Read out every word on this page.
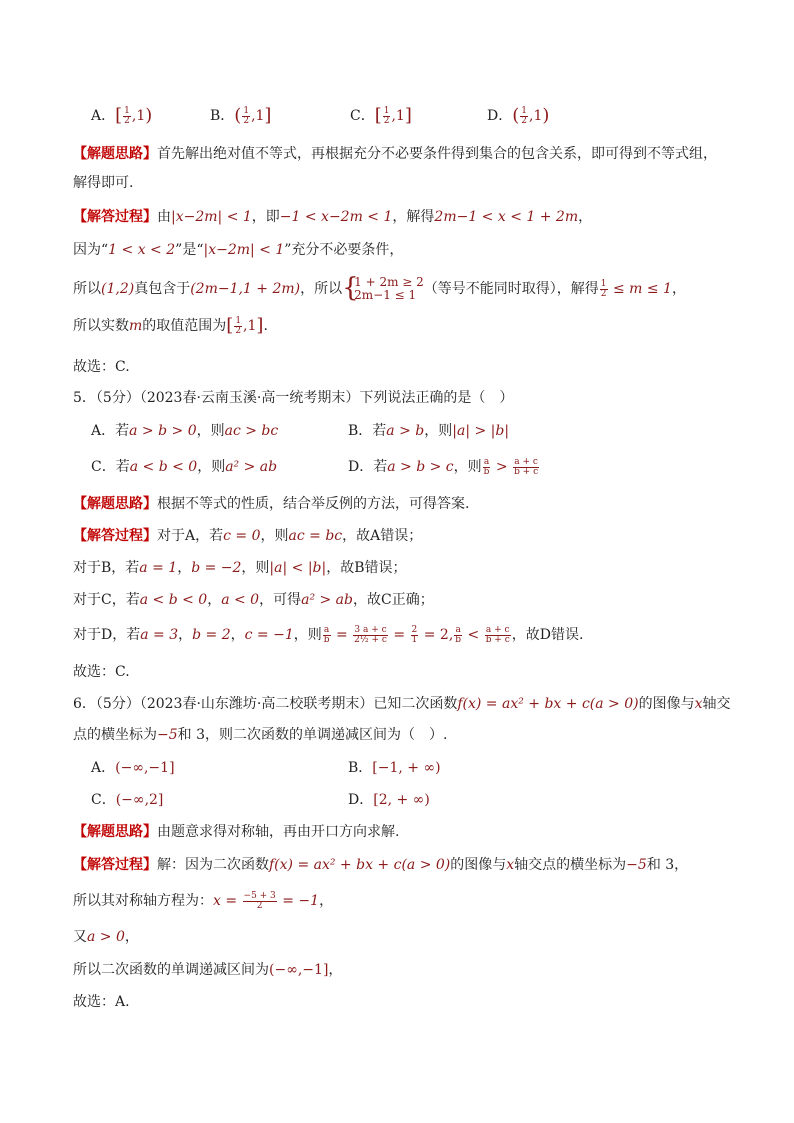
A．[ $\frac{1}{2} ,1$)	B．( $\frac{1}{2} ,1$]	C．[ $\frac{1}{2} ,1$]	D．( $\frac{1}{2} ,1$)
【解题思路】首先解出绝对值不等式，再根据充分不必要条件得到集合的包含关系，即可得到不等式组，
解得即可.
【解答过程】由|x−2m| < 1，即−1 < x−2m < 1，解得2m−1 < x < 1 + 2m，
因为“1 < x < 2”是“|x−2m| < 1”充分不必要条件，
所以(1,2)真包含于(2m−1,1 + 2m)，所以 {
1 + 2m ≥ 2
2m−1 ≤ 1 （等号不能同时取得），解得 $\frac{1}{2} \le m \le 1$，
所以实数m的取值范围为[ $\frac{1}{2} ,1$].
故选：C.
5．（5分）（2023春·云南玉溪·高一统考期末）下列说法正确的是（　）
A．若a > b > 0，则ac > bc	B．若a > b，则|a| > |b|
C．若a < b < 0，则a² > ab	D．若a > b > c，则 $\frac{a}{b} > \frac{a + c}{b + c}$
【解题思路】根据不等式的性质，结合举反例的方法，可得答案.
【解答过程】对于A，若c = 0，则ac = bc，故A错误；
对于B，若a = 1，b = −2，则|a| < |b|，故B错误；
对于C，若a < b < 0，a < 0，可得a² > ab，故C正确；
对于D，若a = 3，b = 2，c = −1，则 $\frac{a}{b} = \frac{3 a + c}{\text{2½ + c}} = \frac{2}{1} = 2$, $\frac{a}{b} < \frac{a + c}{b + c}$ ，故D错误.
故选：C.
6．（5分）（2023春·山东潍坊·高二校联考期末）已知二次函数f(x) = ax² + bx + c(a > 0)的图像与x轴交
点的横坐标为−5和 3，则二次函数的单调递减区间为（　）.
A．(−∞,−1]	B．[−1, + ∞)
C．(−∞,2]	D．[2, + ∞)
【解题思路】由题意求得对称轴，再由开口方向求解.
【解答过程】解：因为二次函数f(x) = ax² + bx + c(a > 0)的图像与x轴交点的横坐标为−5和 3，
所以其对称轴方程为：$x = \frac{-5 + 3}{2} = -1$，
又a > 0，
所以二次函数的单调递减区间为(−∞,−1]，
故选：A.
